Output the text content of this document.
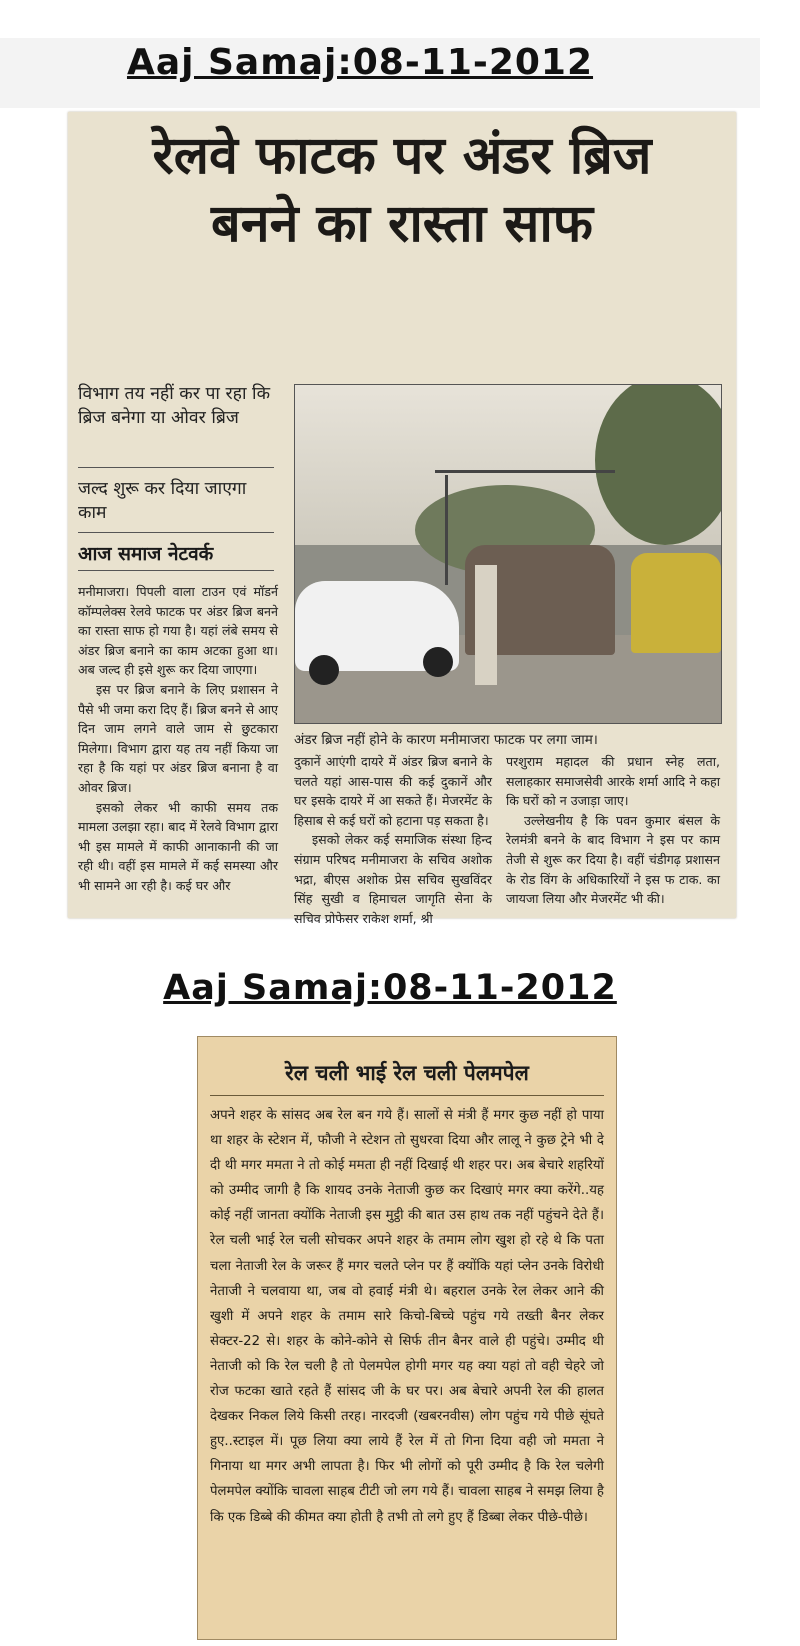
Aaj Samaj:08-11-2012
रेलवे फाटक पर अंडर ब्रिज
बनने का रास्ता साफ
विभाग तय नहीं कर पा रहा कि ब्रिज बनेगा या ओवर ब्रिज
जल्द शुरू कर दिया जाएगा काम
आज समाज नेटवर्क
अंडर ब्रिज नहीं होने के कारण मनीमाजरा फाटक पर लगा जाम।

मनीमाजरा। पिपली वाला टाउन एवं मॉडर्न कॉम्पलेक्स रेलवे फाटक पर अंडर ब्रिज बनने का रास्ता साफ हो गया है। यहां लंबे समय से अंडर ब्रिज बनाने का काम अटका हुआ था। अब जल्द ही इसे शुरू कर दिया जाएगा।

इस पर ब्रिज बनाने के लिए प्रशासन ने पैसे भी जमा करा दिए हैं। ब्रिज बनने से आए दिन जाम लगने वाले जाम से छुटकारा मिलेगा। विभाग द्वारा यह तय नहीं किया जा रहा है कि यहां पर अंडर ब्रिज बनाना है वा ओवर ब्रिज।

इसको लेकर भी काफी समय तक मामला उलझा रहा। बाद में रेलवे विभाग द्वारा भी इस मामले में काफी आनाकानी की जा रही थी। वहीं इस मामले में कई समस्या और भी सामने आ रही है। कई घर और

दुकानें आएंगी दायरे में अंडर ब्रिज बनाने के चलते यहां आस-पास की कई दुकानें और घर इसके दायरे में आ सकते हैं। मेजरमेंट के हिसाब से कई घरों को हटाना पड़ सकता है।

इसको लेकर कई समाजिक संस्था हिन्द संग्राम परिषद मनीमाजरा के सचिव अशोक भद्रा, बीएस अशोक प्रेस सचिव सुखविंदर सिंह सुखी व हिमाचल जागृति सेना के सचिव प्रोफेसर राकेश शर्मा, श्री

परशुराम महादल की प्रधान स्नेह लता, सलाहकार समाजसेवी आरके शर्मा आदि ने कहा कि घरों को न उजाड़ा जाए।

उल्लेखनीय है कि पवन कुमार बंसल के रेलमंत्री बनने के बाद विभाग ने इस पर काम तेजी से शुरू कर दिया है। वहीं चंडीगढ़ प्रशासन के रोड विंग के अधिकारियों ने इस फ टाक. का जायजा लिया और मेजरमेंट भी की।

Aaj Samaj:08-11-2012
रेल चली भाई रेल चली पेलमपेल
अपने शहर के सांसद अब रेल बन गये हैं। सालों से मंत्री हैं मगर कुछ नहीं हो पाया था शहर के स्टेशन में, फौजी ने स्टेशन तो सुधरवा दिया और लालू ने कुछ ट्रेने भी दे दी थी मगर ममता ने तो कोई ममता ही नहीं दिखाई थी शहर पर। अब बेचारे शहरियों को उम्मीद जागी है कि शायद उनके नेताजी कुछ कर दिखाएं मगर क्या करेंगे..यह कोई नहीं जानता क्योंकि नेताजी इस मुट्ठी की बात उस हाथ तक नहीं पहुंचने देते हैं। रेल चली भाई रेल चली सोचकर अपने शहर के तमाम लोग खुश हो रहे थे कि पता चला नेताजी रेल के जरूर हैं मगर चलते प्लेन पर हैं क्योंकि यहां प्लेन उनके विरोधी नेताजी ने चलवाया था, जब वो हवाई मंत्री थे। बहराल उनके रेल लेकर आने की खुशी में अपने शहर के तमाम सारे किचो-बिच्चे पहुंच गये तख्ती बैनर लेकर सेक्टर-22 से। शहर के कोने-कोने से सिर्फ तीन बैनर वाले ही पहुंचे। उम्मीद थी नेताजी को कि रेल चली है तो पेलमपेल होगी मगर यह क्या यहां तो वही चेहरे जो रोज फटका खाते रहते हैं सांसद जी के घर पर। अब बेचारे अपनी रेल की हालत देखकर निकल लिये किसी तरह। नारदजी (खबरनवीस) लोग पहुंच गये पीछे सूंघते हुए..स्टाइल में। पूछ लिया क्या लाये हैं रेल में तो गिना दिया वही जो ममता ने गिनाया था मगर अभी लापता है। फिर भी लोगों को पूरी उम्मीद है कि रेल चलेगी पेलमपेल क्योंकि चावला साहब टीटी जो लग गये हैं। चावला साहब ने समझ लिया है कि एक डिब्बे की कीमत क्या होती है तभी तो लगे हुए हैं डिब्बा लेकर पीछे-पीछे।
